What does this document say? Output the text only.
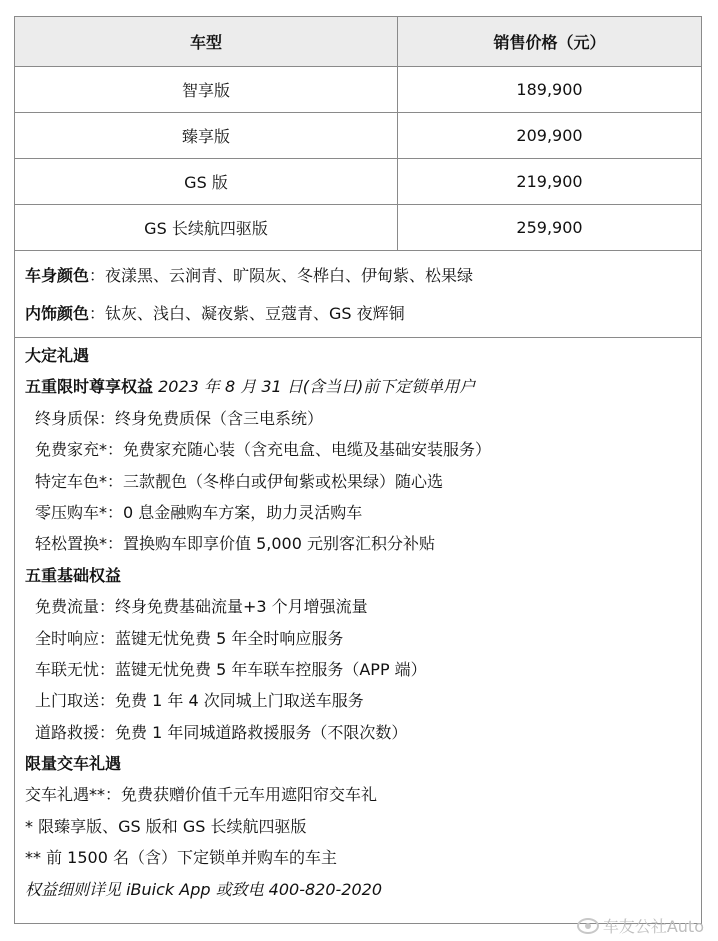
车型	销售价格（元）
智享版	189,900
臻享版	209,900
GS 版	219,900
GS 长续航四驱版	259,900
车身颜色：夜漾黑、云涧青、旷陨灰、冬桦白、伊甸紫、松果绿
内饰颜色：钛灰、浅白、凝夜紫、豆蔻青、GS 夜辉铜
大定礼遇
五重限时尊享权益 2023 年 8 月 31 日(含当日)前下定锁单用户
终身质保：终身免费质保（含三电系统）
免费家充*：免费家充随心装（含充电盒、电缆及基础安装服务）
特定车色*：三款靓色（冬桦白或伊甸紫或松果绿）随心选
零压购车*：0 息金融购车方案，助力灵活购车
轻松置换*：置换购车即享价值 5,000 元别客汇积分补贴
五重基础权益
免费流量：终身免费基础流量+3 个月增强流量
全时响应：蓝键无忧免费 5 年全时响应服务
车联无忧：蓝键无忧免费 5 年车联车控服务（APP 端）
上门取送：免费 1 年 4 次同城上门取送车服务
道路救援：免费 1 年同城道路救援服务（不限次数）
限量交车礼遇
交车礼遇**：免费获赠价值千元车用遮阳帘交车礼
* 限臻享版、GS 版和 GS 长续航四驱版
** 前 1500 名（含）下定锁单并购车的车主
权益细则详见 iBuick App 或致电 400-820-2020
车友公社Auto
